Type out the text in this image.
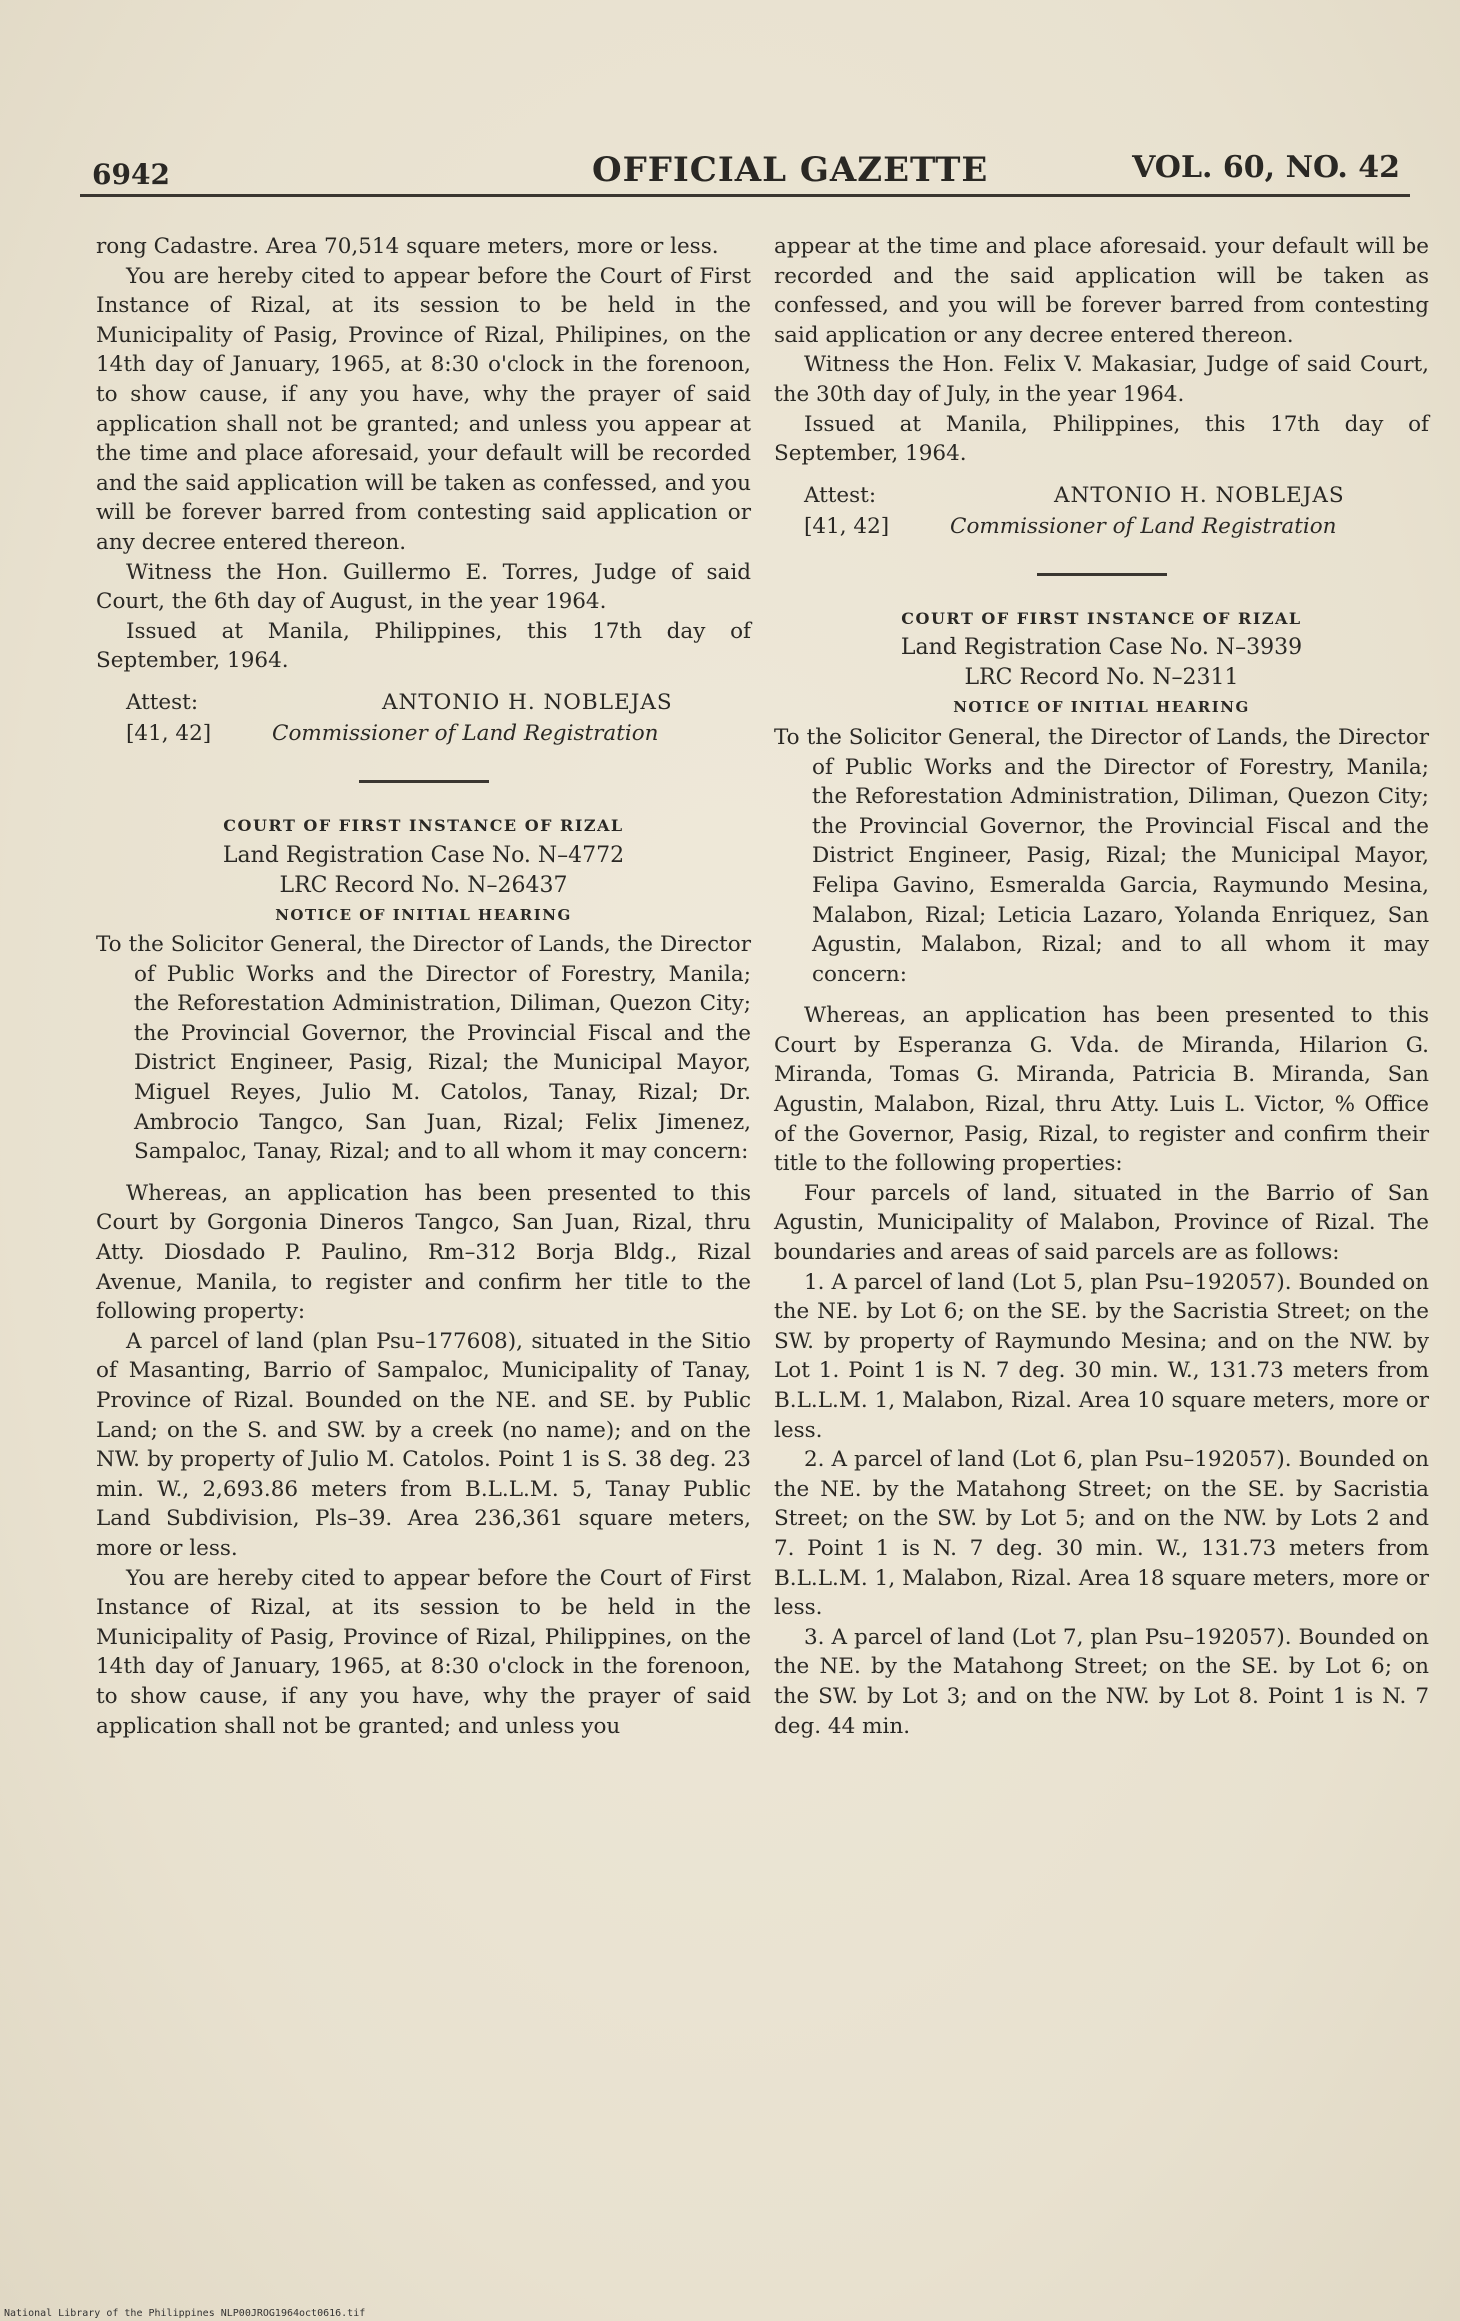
6942	OFFICIAL GAZETTE	VOL. 60, NO. 42

rong Cadastre. Area 70,514 square meters, more or less.

You are hereby cited to appear before the Court of First Instance of Rizal, at its session to be held in the Municipality of Pasig, Province of Rizal, Philipines, on the 14th day of January, 1965, at 8:30 o'clock in the forenoon, to show cause, if any you have, why the prayer of said application shall not be granted; and unless you appear at the time and place aforesaid, your default will be recorded and the said application will be taken as confessed, and you will be forever barred from contesting said application or any decree entered thereon.

Witness the Hon. Guillermo E. Torres, Judge of said Court, the 6th day of August, in the year 1964.

Issued at Manila, Philippines, this 17th day of September, 1964.

Attest:
[41, 42]
ANTONIO H. NOBLEJAS
Commissioner of Land Registration

COURT OF FIRST INSTANCE OF RIZAL

Land Registration Case No. N–4772

LRC Record No. N–26437

NOTICE OF INITIAL HEARING

To the Solicitor General, the Director of Lands, the Director of Public Works and the Director of Forestry, Manila; the Reforestation Administration, Diliman, Quezon City; the Provincial Governor, the Provincial Fiscal and the District Engineer, Pasig, Rizal; the Municipal Mayor, Miguel Reyes, Julio M. Catolos, Tanay, Rizal; Dr. Ambrocio Tangco, San Juan, Rizal; Felix Jimenez, Sampaloc, Tanay, Rizal; and to all whom it may concern:

Whereas, an application has been presented to this Court by Gorgonia Dineros Tangco, San Juan, Rizal, thru Atty. Diosdado P. Paulino, Rm–312 Borja Bldg., Rizal Avenue, Manila, to register and confirm her title to the following property:

A parcel of land (plan Psu–177608), situated in the Sitio of Masanting, Barrio of Sampaloc, Municipality of Tanay, Province of Rizal. Bounded on the NE. and SE. by Public Land; on the S. and SW. by a creek (no name); and on the NW. by property of Julio M. Catolos. Point 1 is S. 38 deg. 23 min. W., 2,693.86 meters from B.L.L.M. 5, Tanay Public Land Subdivision, Pls–39. Area 236,361 square meters, more or less.

You are hereby cited to appear before the Court of First Instance of Rizal, at its session to be held in the Municipality of Pasig, Province of Rizal, Philippines, on the 14th day of January, 1965, at 8:30 o'clock in the forenoon, to show cause, if any you have, why the prayer of said application shall not be granted; and unless you

appear at the time and place aforesaid. your default will be recorded and the said application will be taken as confessed, and you will be forever barred from contesting said application or any decree entered thereon.

Witness the Hon. Felix V. Makasiar, Judge of said Court, the 30th day of July, in the year 1964.

Issued at Manila, Philippines, this 17th day of September, 1964.

Attest:
[41, 42]
ANTONIO H. NOBLEJAS
Commissioner of Land Registration

COURT OF FIRST INSTANCE OF RIZAL

Land Registration Case No. N–3939

LRC Record No. N–2311

NOTICE OF INITIAL HEARING

To the Solicitor General, the Director of Lands, the Director of Public Works and the Director of Forestry, Manila; the Reforestation Administration, Diliman, Quezon City; the Provincial Governor, the Provincial Fiscal and the District Engineer, Pasig, Rizal; the Municipal Mayor, Felipa Gavino, Esmeralda Garcia, Raymundo Mesina, Malabon, Rizal; Leticia Lazaro, Yolanda Enriquez, San Agustin, Malabon, Rizal; and to all whom it may concern:

Whereas, an application has been presented to this Court by Esperanza G. Vda. de Miranda, Hilarion G. Miranda, Tomas G. Miranda, Patricia B. Miranda, San Agustin, Malabon, Rizal, thru Atty. Luis L. Victor, % Office of the Governor, Pasig, Rizal, to register and confirm their title to the following properties:

Four parcels of land, situated in the Barrio of San Agustin, Municipality of Malabon, Province of Rizal. The boundaries and areas of said parcels are as follows:

1. A parcel of land (Lot 5, plan Psu–192057). Bounded on the NE. by Lot 6; on the SE. by the Sacristia Street; on the SW. by property of Raymundo Mesina; and on the NW. by Lot 1. Point 1 is N. 7 deg. 30 min. W., 131.73 meters from B.L.L.M. 1, Malabon, Rizal. Area 10 square meters, more or less.

2. A parcel of land (Lot 6, plan Psu–192057). Bounded on the NE. by the Matahong Street; on the SE. by Sacristia Street; on the SW. by Lot 5; and on the NW. by Lots 2 and 7. Point 1 is N. 7 deg. 30 min. W., 131.73 meters from B.L.L.M. 1, Malabon, Rizal. Area 18 square meters, more or less.

3. A parcel of land (Lot 7, plan Psu–192057). Bounded on the NE. by the Matahong Street; on the SE. by Lot 6; on the SW. by Lot 3; and on the NW. by Lot 8. Point 1 is N. 7 deg. 44 min.

National Library of the Philippines NLP00JROG1964oct0616.tif
